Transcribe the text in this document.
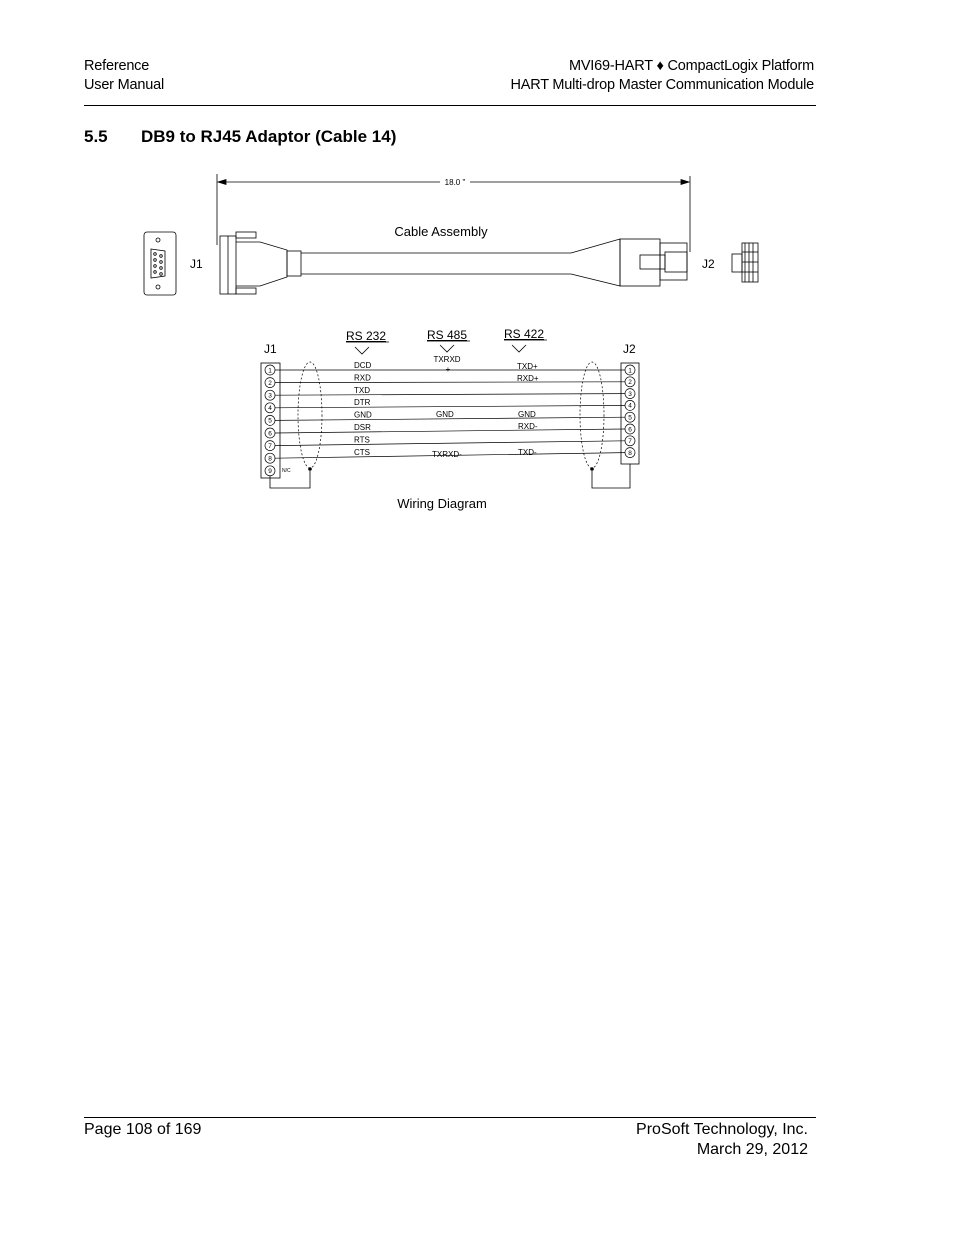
Reference
User Manual
MVI69-HART ♦ CompactLogix Platform
HART Multi-drop Master Communication Module
5.5 DB9 to RJ45 Adaptor (Cable 14)
18.0 "
Cable Assembly
J1	J2
J1	J2
RS 232	RS 485	RS 422
1
2
3
4
5
6
7
8
9
1
2
3
4
5
6
7
8
DCD
RXD
TXD
DTR
GND
DSR
RTS
CTS
N/C
TXRXD
+
GND
TXRXD-
TXD+
RXD+
GND
RXD-
TXD-
Wiring Diagram
Page 108 of 169	ProSoft Technology, Inc.
March 29, 2012
